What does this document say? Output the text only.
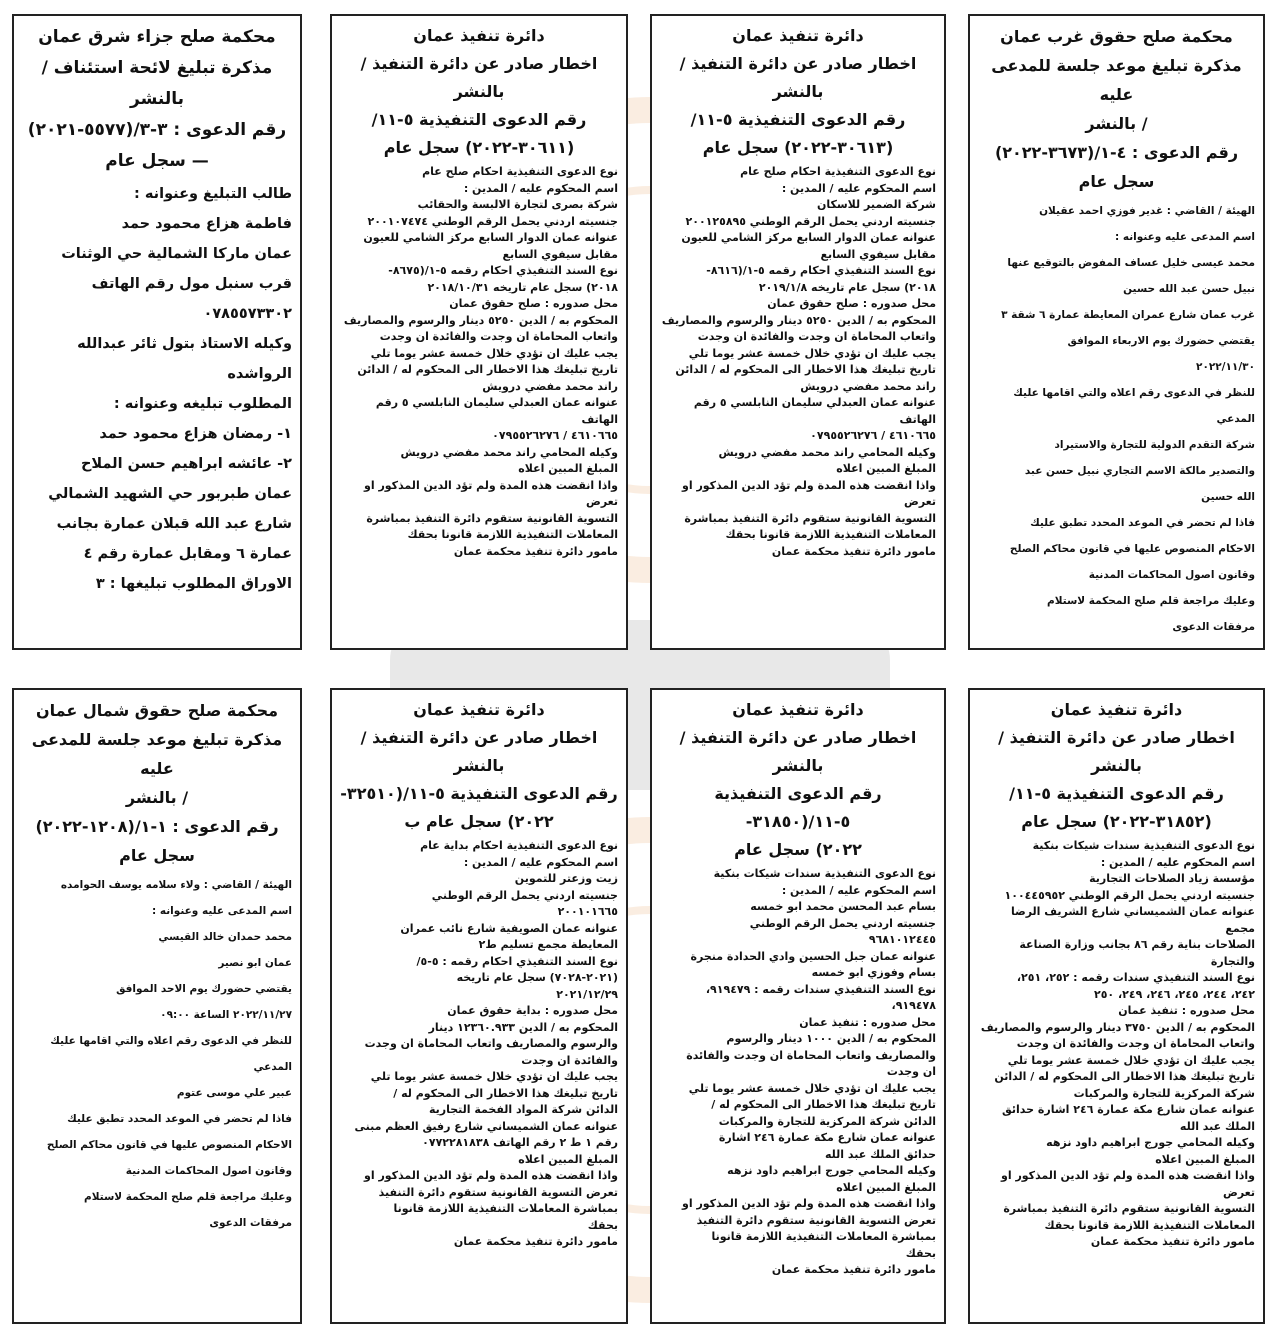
محكمة صلح حقوق غرب عمان

مذكرة تبليغ موعد جلسة للمدعى عليه

/ بالنشر

رقم الدعوى : ٤-١/(٣٦٧٣-٢٠٢٢)

سجل عام

الهيئة / القاضي : غدير فوزي احمد عقيلان

اسم المدعى عليه وعنوانه :

محمد عيسى خليل عساف المفوض بالتوقيع عنها

نبيل حسن عبد الله حسين

غرب عمان شارع عمران المعايطة عمارة ٦ شقة ٣

يقتضي حضورك يوم الاربعاء الموافق

٢٠٢٢/١١/٣٠

للنظر في الدعوى رقم اعلاه والتي اقامها عليك

المدعي

شركة التقدم الدولية للتجارة والاستيراد

والتصدير مالكة الاسم التجاري نبيل حسن عبد

الله حسين

فاذا لم تحضر في الموعد المحدد تطبق عليك

الاحكام المنصوص عليها في قانون محاكم الصلح

وقانون اصول المحاكمات المدنية

وعليك مراجعة قلم صلح المحكمة لاستلام

مرفقات الدعوى

دائرة تنفيذ عمان

اخطار صادر عن دائرة التنفيذ / بالنشر

رقم الدعوى التنفيذية ٥-١١/

(٣٠٦١٣-٢٠٢٢) سجل عام

نوع الدعوى التنفيذية احكام صلح عام

اسم المحكوم عليه / المدين :

شركة الضمير للاسكان

جنسيته اردني يحمل الرقم الوطني ٢٠٠١٢٥٨٩٥

عنوانه عمان الدوار السابع مركز الشامي للعيون

مقابل سيفوي السابع

نوع السند التنفيذي احكام رقمه ٥-١/(٨٦١٦-

٢٠١٨) سجل عام تاريخه ٢٠١٩/١/٨

محل صدوره : صلح حقوق عمان

المحكوم به / الدين ٥٢٥٠ دينار والرسوم والمصاريف

واتعاب المحاماة ان وجدت والفائدة ان وجدت

يجب عليك ان تؤدي خلال خمسة عشر يوما تلي

تاريخ تبليغك هذا الاخطار الى المحكوم له / الدائن

راند محمد مفضي درويش

عنوانه عمان العبدلي سليمان النابلسي ٥ رقم الهاتف

٤٦١٠٦٦٥ / ٠٧٩٥٥٢٦٢٧٦

وكيله المحامي راند محمد مفضي درويش

المبلغ المبين اعلاه

واذا انقضت هذه المدة ولم تؤد الدين المذكور او تعرض

التسوية القانونية ستقوم دائرة التنفيذ بمباشرة

المعاملات التنفيذية اللازمة قانونا بحقك

مامور دائرة تنفيذ محكمة عمان

دائرة تنفيذ عمان

اخطار صادر عن دائرة التنفيذ / بالنشر

رقم الدعوى التنفيذية ٥-١١/

(٣٠٦١١-٢٠٢٢) سجل عام

نوع الدعوى التنفيذية احكام صلح عام

اسم المحكوم عليه / المدين :

شركة بصرى لتجارة الالبسة والحقائب

جنسيته اردني يحمل الرقم الوطني ٢٠٠١٠٧٤٧٤

عنوانه عمان الدوار السابع مركز الشامي للعيون

مقابل سيفوي السابع

نوع السند التنفيذي احكام رقمه ٥-١/(٨٦٧٥-

٢٠١٨) سجل عام تاريخه ٢٠١٨/١٠/٣١

محل صدوره : صلح حقوق عمان

المحكوم به / الدين ٥٢٥٠ دينار والرسوم والمصاريف

واتعاب المحاماة ان وجدت والفائدة ان وجدت

يجب عليك ان تؤدي خلال خمسة عشر يوما تلي

تاريخ تبليغك هذا الاخطار الى المحكوم له / الدائن

راند محمد مفضي درويش

عنوانه عمان العبدلي سليمان النابلسي ٥ رقم الهاتف

٤٦١٠٦٦٥ / ٠٧٩٥٥٢٦٢٧٦

وكيله المحامي راند محمد مفضي درويش

المبلغ المبين اعلاه

واذا انقضت هذه المدة ولم تؤد الدين المذكور او تعرض

التسوية القانونية ستقوم دائرة التنفيذ بمباشرة

المعاملات التنفيذية اللازمة قانونا بحقك

مامور دائرة تنفيذ محكمة عمان

محكمة صلح جزاء شرق عمان

مذكرة تبليغ لائحة استئناف /بالنشر

رقم الدعوى : ٣-٣/(٥٥٧٧-٢٠٢١)

— سجل عام

طالب التبليغ وعنوانه :

فاطمة هزاع محمود حمد

عمان ماركا الشمالية حي الوثنات

قرب سنبل مول رقم الهاتف

٠٧٨٥٥٧٣٣٠٢

وكيله الاستاذ بتول ثائر عبدالله

الرواشده

المطلوب تبليغه وعنوانه :

١- رمضان هزاع محمود حمد

٢- عائشه ابراهيم حسن الملاح

عمان طبربور حي الشهيد الشمالي

شارع عبد الله قبلان عمارة بجانب

عمارة ٦ ومقابل عمارة رقم ٤

الاوراق المطلوب تبليغها : ٣

دائرة تنفيذ عمان

اخطار صادر عن دائرة التنفيذ / بالنشر

رقم الدعوى التنفيذية ٥-١١/

(٣١٨٥٢-٢٠٢٢) سجل عام

نوع الدعوى التنفيذية سندات شيكات بنكية

اسم المحكوم عليه / المدين :

مؤسسة زياد الصلاحات التجارية

جنسيته اردني يحمل الرقم الوطني ١٠٠٤٤٥٩٥٢

عنوانه عمان الشميساني شارع الشريف الرضا مجمع

الصلاحات بناية رقم ٨٦ بجانب وزارة الصناعة

والتجارة

نوع السند التنفيذي سندات رقمه : ٢٥٢، ٢٥١،

٢٤٢، ٢٤٤، ٢٤٥، ٢٤٦، ٢٤٩، ٢٥٠

محل صدوره : تنفيذ عمان

المحكوم به / الدين ٣٧٥٠ دينار والرسوم والمصاريف

واتعاب المحاماة ان وجدت والفائدة ان وجدت

يجب عليك ان تؤدي خلال خمسة عشر يوما تلي

تاريخ تبليغك هذا الاخطار الى المحكوم له / الدائن

شركة المركزية للتجارة والمركبات

عنوانه عمان شارع مكة عمارة ٢٤٦ اشارة حدائق

الملك عبد الله

وكيله المحامي جورج ابراهيم داود نزهه

المبلغ المبين اعلاه

واذا انقضت هذه المدة ولم تؤد الدين المذكور او تعرض

التسوية القانونية ستقوم دائرة التنفيذ بمباشرة

المعاملات التنفيذية اللازمة قانونا بحقك

مامور دائرة تنفيذ محكمة عمان

دائرة تنفيذ عمان

اخطار صادر عن دائرة التنفيذ / بالنشر

رقم الدعوى التنفيذية ٥-١١/(٣١٨٥٠-

٢٠٢٢) سجل عام

نوع الدعوى التنفيذية سندات شيكات بنكية

اسم المحكوم عليه / المدين :

بسام عبد المحسن محمد ابو خمسه

جنسيته اردني يحمل الرقم الوطني

٩٦٨١٠١٢٤٤٥

عنوانه عمان جبل الحسين وادي الحدادة منجرة

بسام وفوزي ابو خمسه

نوع السند التنفيذي سندات رقمه : ٩١٩٤٧٩،

٩١٩٤٧٨،

محل صدوره : تنفيذ عمان

المحكوم به / الدين ١٠٠٠ دينار والرسوم

والمصاريف واتعاب المحاماة ان وجدت والفائدة

ان وجدت

يجب عليك ان تؤدي خلال خمسة عشر يوما تلي

تاريخ تبليغك هذا الاخطار الى المحكوم له /

الدائن شركة المركزية للتجارة والمركبات

عنوانه عمان شارع مكة عمارة ٢٤٦ اشارة

حدائق الملك عبد الله

وكيله المحامي جورج ابراهيم داود نزهه

المبلغ المبين اعلاه

واذا انقضت هذه المدة ولم تؤد الدين المذكور او

تعرض التسوية القانونية ستقوم دائرة التنفيذ

بمباشرة المعاملات التنفيذية اللازمة قانونا

بحقك

مامور دائرة تنفيذ محكمة عمان

دائرة تنفيذ عمان

اخطار صادر عن دائرة التنفيذ / بالنشر

رقم الدعوى التنفيذية ٥-١١/(٣٢٥١٠-

٢٠٢٢) سجل عام ب

نوع الدعوى التنفيذية احكام بداية عام

اسم المحكوم عليه / المدين :

زيت وزعتر للتموين

جنسيته اردني يحمل الرقم الوطني

٢٠٠١٠١٦٦٥

عنوانه عمان الصويفية شارع نائب عمران

المعايطة مجمع تسليم ط٢

نوع السند التنفيذي احكام رقمه : ٥-٥/

(٢٠٢١-٧٠٢٨) سجل عام تاريخه

٢٠٢١/١٢/٢٩

محل صدوره : بداية حقوق عمان

المحكوم به / الدين ١٢٣٦٠.٩٣٣ دينار

والرسوم والمصاريف واتعاب المحاماة ان وجدت

والفائدة ان وجدت

يجب عليك ان تؤدي خلال خمسة عشر يوما تلي

تاريخ تبليغك هذا الاخطار الى المحكوم له /

الدائن شركة المواد الفخمة التجارية

عنوانه عمان الشميساني شارع رفيق العظم مبنى

رقم ١ ط ٢ رقم الهاتف ٠٧٧٢٢٨١٨٣٨

المبلغ المبين اعلاه

واذا انقضت هذه المدة ولم تؤد الدين المذكور او

تعرض التسوية القانونية ستقوم دائرة التنفيذ

بمباشرة المعاملات التنفيذية اللازمة قانونا

بحقك

مامور دائرة تنفيذ محكمة عمان

محكمة صلح حقوق شمال عمان

مذكرة تبليغ موعد جلسة للمدعى عليه

/ بالنشر

رقم الدعوى : ١-١/(١٢٠٨-٢٠٢٢)

سجل عام

الهيئة / القاضي : ولاء سلامه يوسف الحوامده

اسم المدعى عليه وعنوانه :

محمد حمدان خالد القيسي

عمان ابو نصير

يقتضي حضورك يوم الاحد الموافق

٢٠٢٢/١١/٢٧ الساعة ٠٩:٠٠

للنظر في الدعوى رقم اعلاه والتي اقامها عليك

المدعي

عبير علي موسى عتوم

فاذا لم تحضر في الموعد المحدد تطبق عليك

الاحكام المنصوص عليها في قانون محاكم الصلح

وقانون اصول المحاكمات المدنية

وعليك مراجعة قلم صلح المحكمة لاستلام

مرفقات الدعوى
